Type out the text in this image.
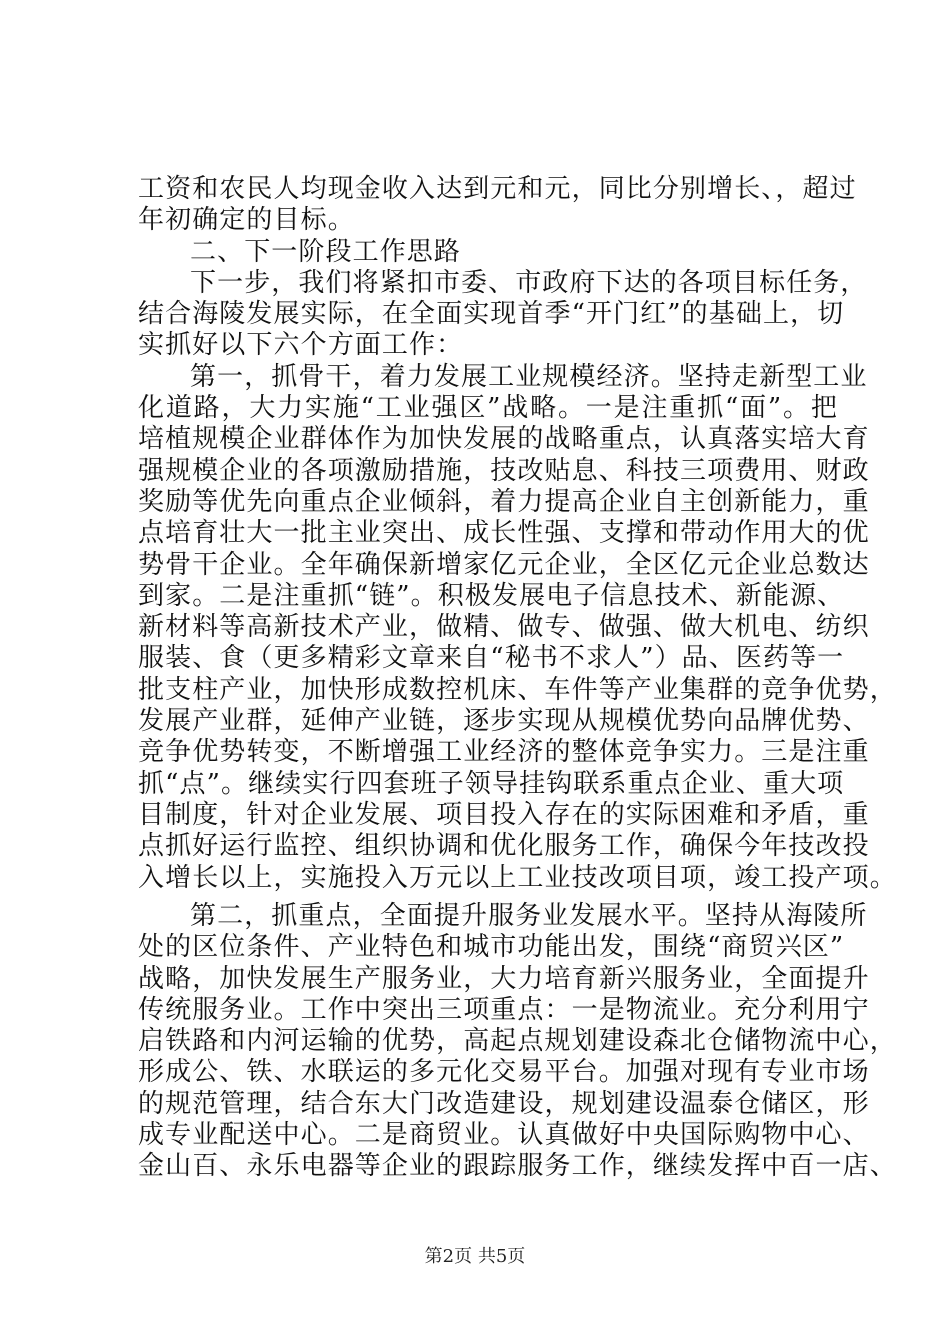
工资和农民人均现金收入达到元和元，同比分别增长、，超过
年初确定的目标。
二、下一阶段工作思路
下一步，我们将紧扣市委、市政府下达的各项目标任务，
结合海陵发展实际，在全面实现首季“开门红”的基础上，切
实抓好以下六个方面工作：
第一，抓骨干，着力发展工业规模经济。坚持走新型工业
化道路，大力实施“工业强区”战略。一是注重抓“面”。把
培植规模企业群体作为加快发展的战略重点，认真落实培大育
强规模企业的各项激励措施，技改贴息、科技三项费用、财政
奖励等优先向重点企业倾斜，着力提高企业自主创新能力，重
点培育壮大一批主业突出、成长性强、支撑和带动作用大的优
势骨干企业。全年确保新增家亿元企业，全区亿元企业总数达
到家。二是注重抓“链”。积极发展电子信息技术、新能源、
新材料等高新技术产业，做精、做专、做强、做大机电、纺织
服装、食（更多精彩文章来自“秘书不求人”）品、医药等一
批支柱产业，加快形成数控机床、车件等产业集群的竞争优势，
发展产业群，延伸产业链，逐步实现从规模优势向品牌优势、
竞争优势转变，不断增强工业经济的整体竞争实力。三是注重
抓“点”。继续实行四套班子领导挂钩联系重点企业、重大项
目制度，针对企业发展、项目投入存在的实际困难和矛盾，重
点抓好运行监控、组织协调和优化服务工作，确保今年技改投
入增长以上，实施投入万元以上工业技改项目项，竣工投产项。
第二，抓重点，全面提升服务业发展水平。坚持从海陵所
处的区位条件、产业特色和城市功能出发，围绕“商贸兴区”
战略，加快发展生产服务业，大力培育新兴服务业，全面提升
传统服务业。工作中突出三项重点：一是物流业。充分利用宁
启铁路和内河运输的优势，高起点规划建设森北仓储物流中心，
形成公、铁、水联运的多元化交易平台。加强对现有专业市场
的规范管理，结合东大门改造建设，规划建设温泰仓储区，形
成专业配送中心。二是商贸业。认真做好中央国际购物中心、
金山百、永乐电器等企业的跟踪服务工作，继续发挥中百一店、
第2页 共5页
